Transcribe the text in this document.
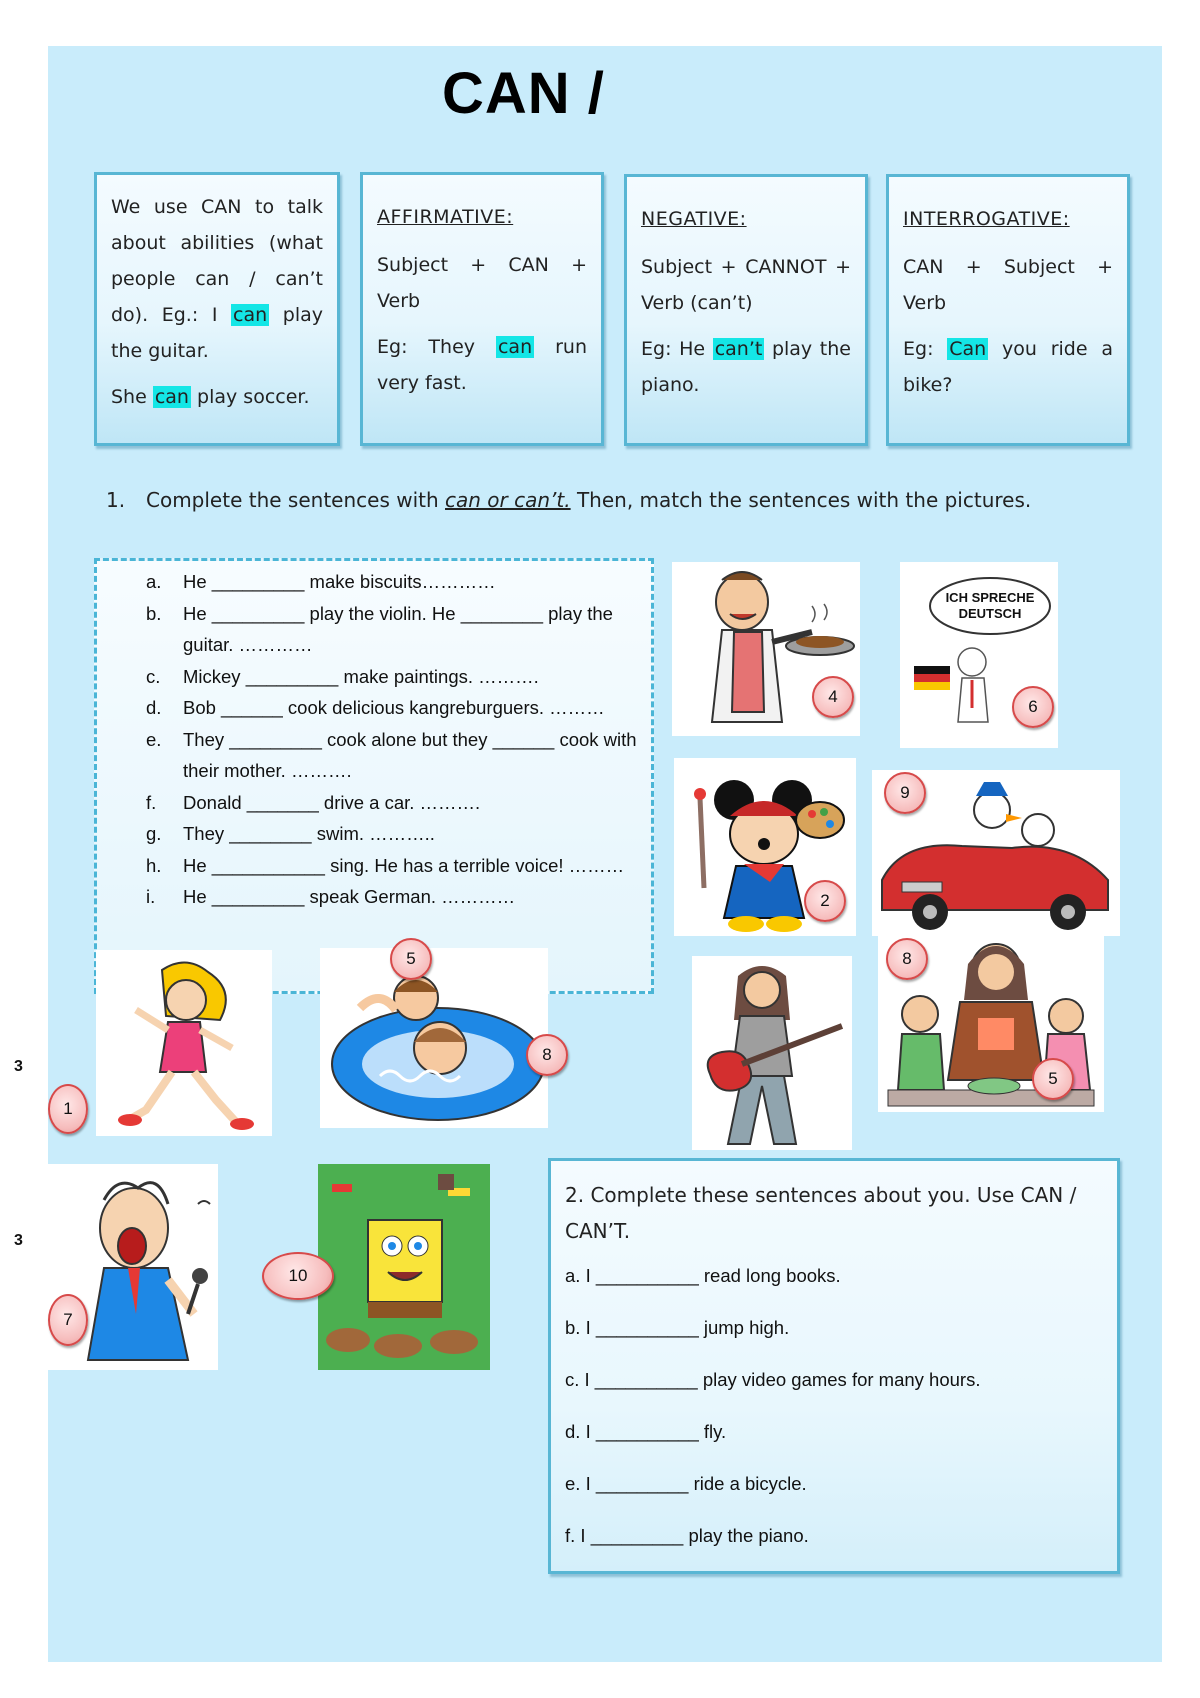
CAN /

We use CAN to talk about abilities (what people can / can’t do). Eg.: I can play the guitar.

She can play soccer.

AFFIRMATIVE:

Subject + CAN + Verb

Eg: They can run very fast.

NEGATIVE:

Subject + CANNOT + Verb (can’t)

Eg: He can’t play the piano.

INTERROGATIVE:

CAN + Subject + Verb

Eg: Can you ride a bike?

1. Complete the sentences with can or can’t. Then, match the sentences with the pictures.
a.	He _________ make biscuits…………
b.	He _________ play the violin. He ________ play the guitar. …………
c.	Mickey _________ make paintings. ……….
d.	Bob ______ cook delicious kangreburguers. ………
e.	They _________ cook alone but they ______ cook with their mother. ……….
f.	Donald _______ drive a car. ……….
g.	They ________ swim. ………..
h.	He ___________ sing. He has a terrible voice! ………
i.	He _________ speak German. …………
4
ICH SPRECHE
DEUTSCH
6
2
9
8
5
1
5
8
3
3
7
10
2. Complete these sentences about you. Use CAN / CAN’T.
a. I __________ read long books.
b. I __________ jump high.
c. I __________ play video games for many hours.
d. I __________ fly.
e. I _________ ride a bicycle.
f. I _________ play the piano.
